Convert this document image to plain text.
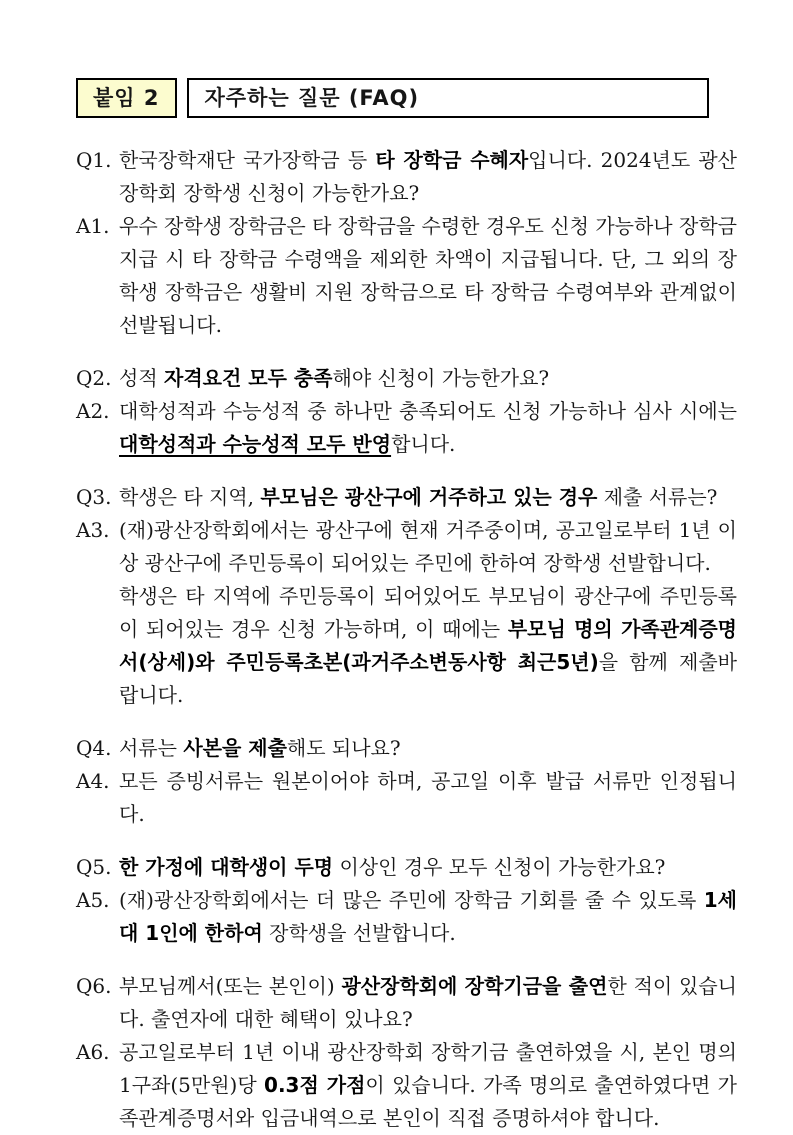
붙임 2	자주하는 질문 (FAQ)
Q1. 한국장학재단 국가장학금 등 타 장학금 수혜자입니다. 2024년도 광산장학회 장학생 신청이 가능한가요?

A1. 우수 장학생 장학금은 타 장학금을 수령한 경우도 신청 가능하나 장학금 지급 시 타 장학금 수령액을 제외한 차액이 지급됩니다. 단, 그 외의 장학생 장학금은 생활비 지원 장학금으로 타 장학금 수령여부와 관계없이 선발됩니다.

Q2. 성적 자격요건 모두 충족해야 신청이 가능한가요?

A2. 대학성적과 수능성적 중 하나만 충족되어도 신청 가능하나 심사 시에는 대학성적과 수능성적 모두 반영합니다.

Q3. 학생은 타 지역, 부모님은 광산구에 거주하고 있는 경우 제출 서류는?

A3. (재)광산장학회에서는 광산구에 현재 거주중이며, 공고일로부터 1년 이상 광산구에 주민등록이 되어있는 주민에 한하여 장학생 선발합니다.

학생은 타 지역에 주민등록이 되어있어도 부모님이 광산구에 주민등록이 되어있는 경우 신청 가능하며, 이 때에는 부모님 명의 가족관계증명서(상세)와 주민등록초본(과거주소변동사항 최근5년)을 함께 제출바랍니다.

Q4. 서류는 사본을 제출해도 되나요?

A4. 모든 증빙서류는 원본이어야 하며, 공고일 이후 발급 서류만 인정됩니다.

Q5. 한 가정에 대학생이 두명 이상인 경우 모두 신청이 가능한가요?

A5. (재)광산장학회에서는 더 많은 주민에 장학금 기회를 줄 수 있도록 1세대 1인에 한하여 장학생을 선발합니다.

Q6. 부모님께서(또는 본인이) 광산장학회에 장학기금을 출연한 적이 있습니다. 출연자에 대한 혜택이 있나요?

A6. 공고일로부터 1년 이내 광산장학회 장학기금 출연하였을 시, 본인 명의 1구좌(5만원)당 0.3점 가점이 있습니다. 가족 명의로 출연하였다면 가족관계증명서와 입금내역으로 본인이 직접 증명하셔야 합니다.
